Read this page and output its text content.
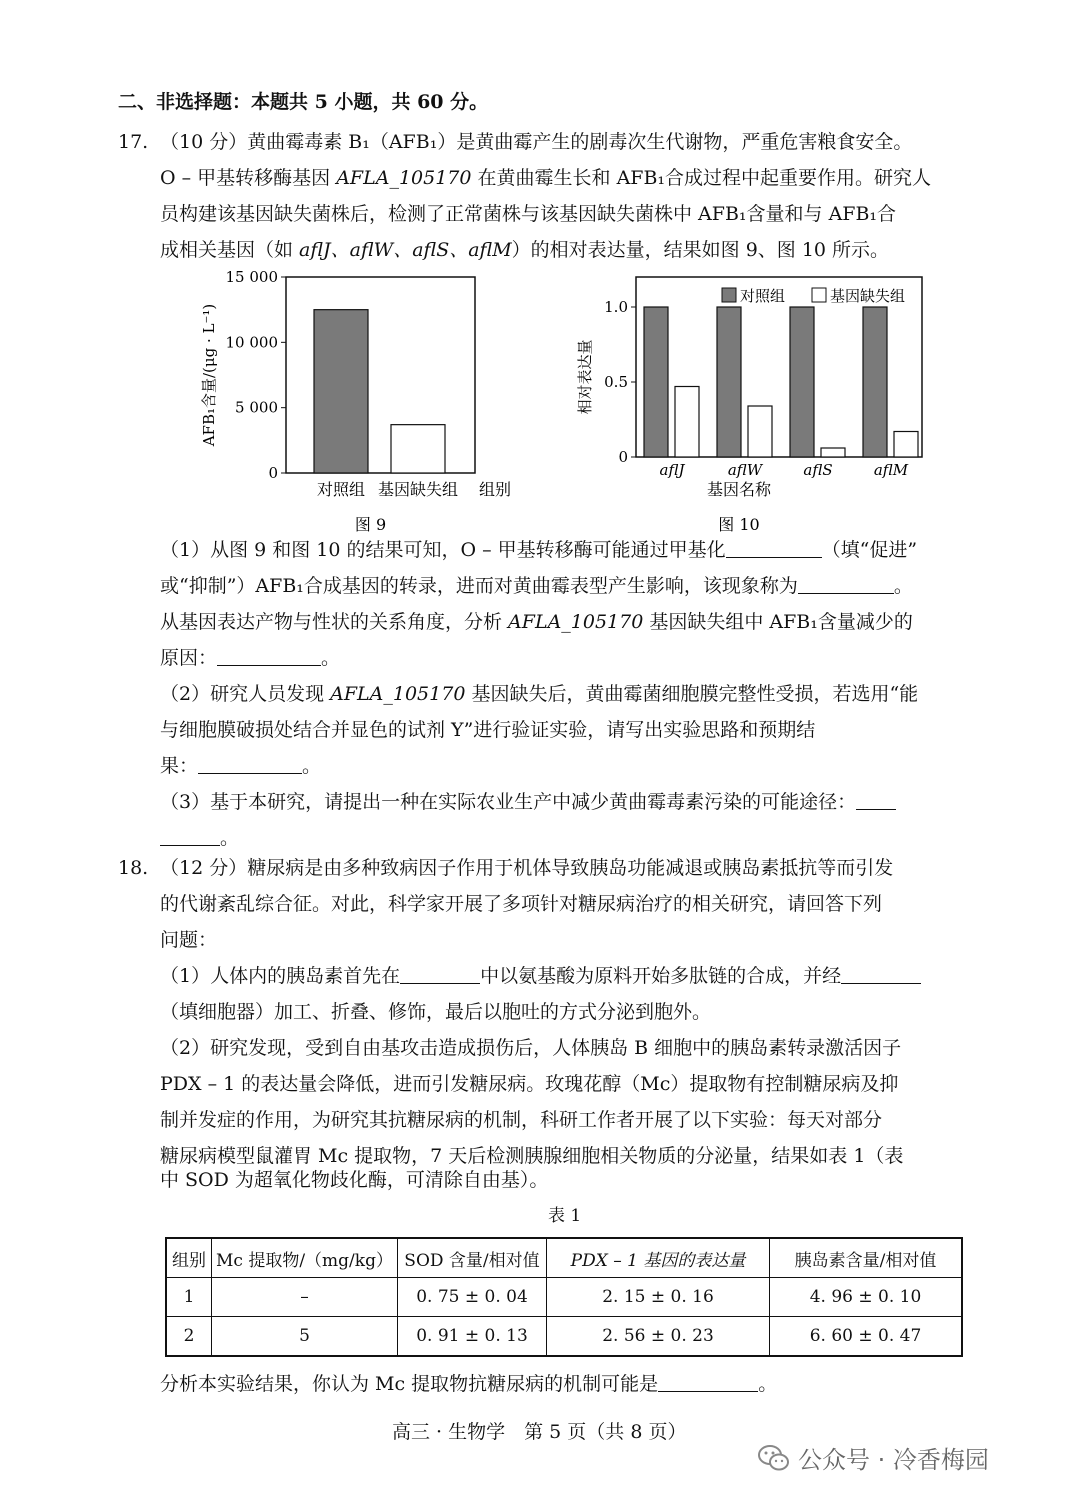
二、非选择题：本题共 5 小题，共 60 分。
17. （10 分）黄曲霉毒素 B₁（AFB₁）是黄曲霉产生的剧毒次生代谢物，严重危害粮食安全。
O – 甲基转移酶基因 AFLA_105170 在黄曲霉生长和 AFB₁合成过程中起重要作用。研究人
员构建该基因缺失菌株后，检测了正常菌株与该基因缺失菌株中 AFB₁含量和与 AFB₁合
成相关基因（如 aflJ、aflW、aflS、aflM）的相对表达量，结果如图 9、图 10 所示。
0
5 000
10 000
15 000
对照组 基因缺失组 组别
AFB₁含量/(μg · L⁻¹)
图 9
0
0.5
1.0
aflJ	aflW	aflS	aflM
对照组	基因缺失组
相对表达量
基因名称
图 10
（1）从图 9 和图 10 的结果可知，O – 甲基转移酶可能通过甲基化	（填“促进”
或“抑制”）AFB₁合成基因的转录，进而对黄曲霉表型产生影响，该现象称为	。
从基因表达产物与性状的关系角度，分析 AFLA_105170 基因缺失组中 AFB₁含量减少的
原因：	。
（2）研究人员发现 AFLA_105170 基因缺失后，黄曲霉菌细胞膜完整性受损，若选用“能
与细胞膜破损处结合并显色的试剂 Y”进行验证实验，请写出实验思路和预期结
果：	。
（3）基于本研究，请提出一种在实际农业生产中减少黄曲霉毒素污染的可能途径：
。
18. （12 分）糖尿病是由多种致病因子作用于机体导致胰岛功能减退或胰岛素抵抗等而引发
的代谢紊乱综合征。对此，科学家开展了多项针对糖尿病治疗的相关研究，请回答下列
问题：
（1）人体内的胰岛素首先在	中以氨基酸为原料开始多肽链的合成，并经
（填细胞器）加工、折叠、修饰，最后以胞吐的方式分泌到胞外。
（2）研究发现，受到自由基攻击造成损伤后，人体胰岛 B 细胞中的胰岛素转录激活因子
PDX – 1 的表达量会降低，进而引发糖尿病。玫瑰花醇（Mc）提取物有控制糖尿病及抑
制并发症的作用，为研究其抗糖尿病的机制，科研工作者开展了以下实验：每天对部分
糖尿病模型鼠灌胃 Mc 提取物，7 天后检测胰腺细胞相关物质的分泌量，结果如表 1（表
中 SOD 为超氧化物歧化酶，可清除自由基）。
表 1
组别	Mc 提取物/（mg/kg）	SOD 含量/相对值	PDX – 1 基因的表达量	胰岛素含量/相对值
1	–	0. 75 ± 0. 04	2. 15 ± 0. 16	4. 96 ± 0. 10
2	5	0. 91 ± 0. 13	2. 56 ± 0. 23	6. 60 ± 0. 47
分析本实验结果，你认为 Mc 提取物抗糖尿病的机制可能是	。
高三 · 生物学　第 5 页（共 8 页）
公众号 · 冷香梅园
